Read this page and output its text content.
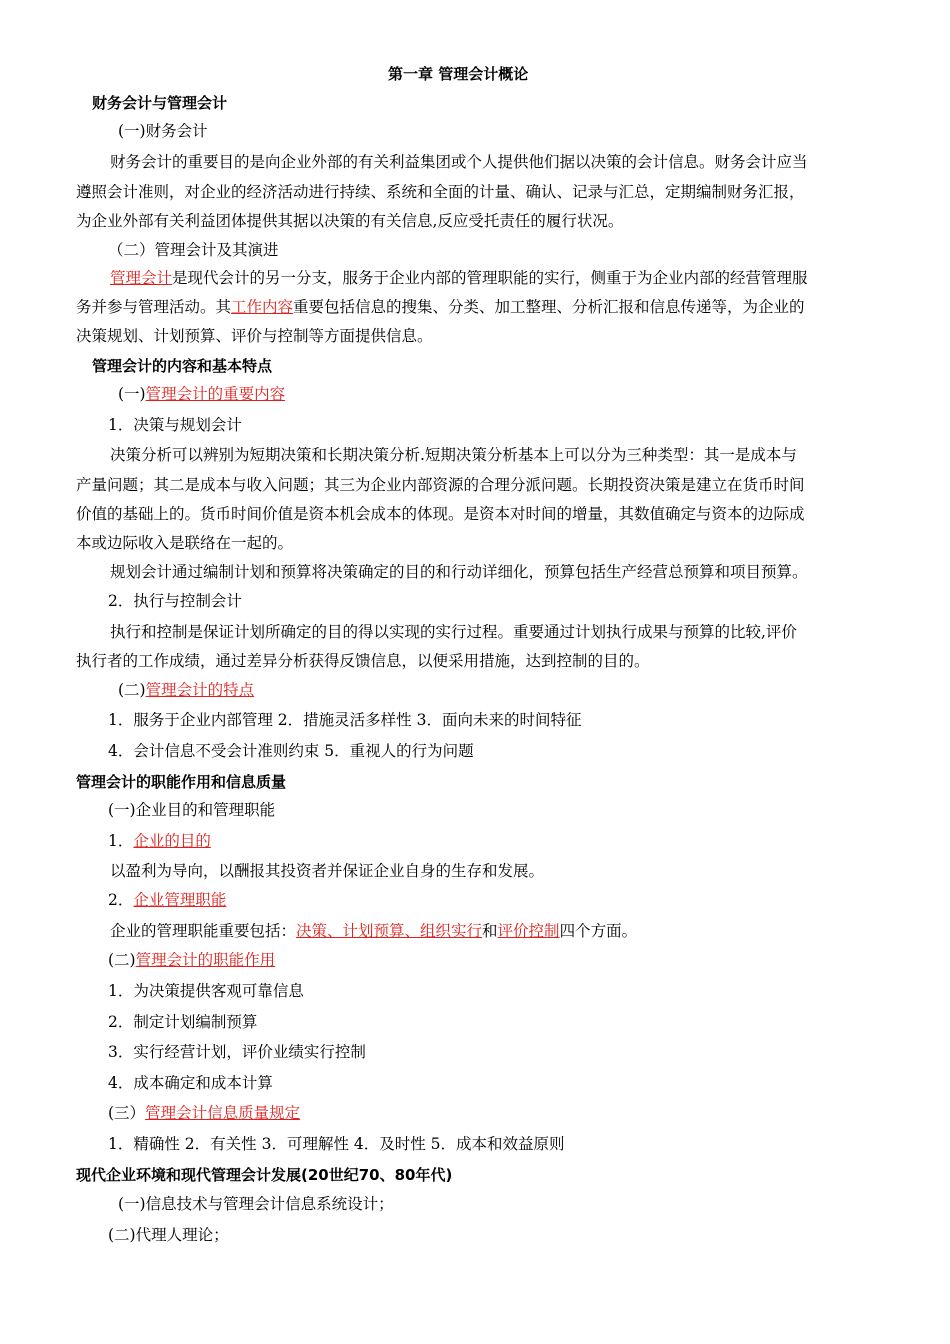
第一章 管理会计概论
财务会计与管理会计
(一)财务会计
财务会计的重要目的是向企业外部的有关利益集团或个人提供他们据以决策的会计信息。财务会计应当
遵照会计准则，对企业的经济活动进行持续、系统和全面的计量、确认、记录与汇总，定期编制财务汇报，
为企业外部有关利益团体提供其据以决策的有关信息,反应受托责任的履行状况。
（二）管理会计及其演进
管理会计是现代会计的另一分支，服务于企业内部的管理职能的实行，侧重于为企业内部的经营管理服
务并参与管理活动。其工作内容重要包括信息的搜集、分类、加工整理、分析汇报和信息传递等，为企业的
决策规划、计划预算、评价与控制等方面提供信息。
管理会计的内容和基本特点
(一)管理会计的重要内容
1．决策与规划会计
决策分析可以辨别为短期决策和长期决策分析.短期决策分析基本上可以分为三种类型：其一是成本与
产量问题；其二是成本与收入问题；其三为企业内部资源的合理分派问题。长期投资决策是建立在货币时间
价值的基础上的。货币时间价值是资本机会成本的体现。是资本对时间的增量，其数值确定与资本的边际成
本或边际收入是联络在一起的。
规划会计通过编制计划和预算将决策确定的目的和行动详细化，预算包括生产经营总预算和项目预算。
2．执行与控制会计
执行和控制是保证计划所确定的目的得以实现的实行过程。重要通过计划执行成果与预算的比较,评价
执行者的工作成绩，通过差异分析获得反馈信息，以便采用措施，达到控制的目的。
(二)管理会计的特点
1．服务于企业内部管理 2．措施灵活多样性 3．面向未来的时间特征
4．会计信息不受会计准则约束 5．重视人的行为问题
管理会计的职能作用和信息质量
(一)企业目的和管理职能
1．企业的目的
以盈利为导向，以酬报其投资者并保证企业自身的生存和发展。
2．企业管理职能
企业的管理职能重要包括：决策、计划预算、组织实行和评价控制四个方面。
(二)管理会计的职能作用
1．为决策提供客观可靠信息
2．制定计划编制预算
3．实行经营计划，评价业绩实行控制
4．成本确定和成本计算
(三）管理会计信息质量规定
1．精确性 2．有关性 3．可理解性 4．及时性 5．成本和效益原则
现代企业环境和现代管理会计发展(20世纪70、80年代)
(一)信息技术与管理会计信息系统设计；
(二)代理人理论；
